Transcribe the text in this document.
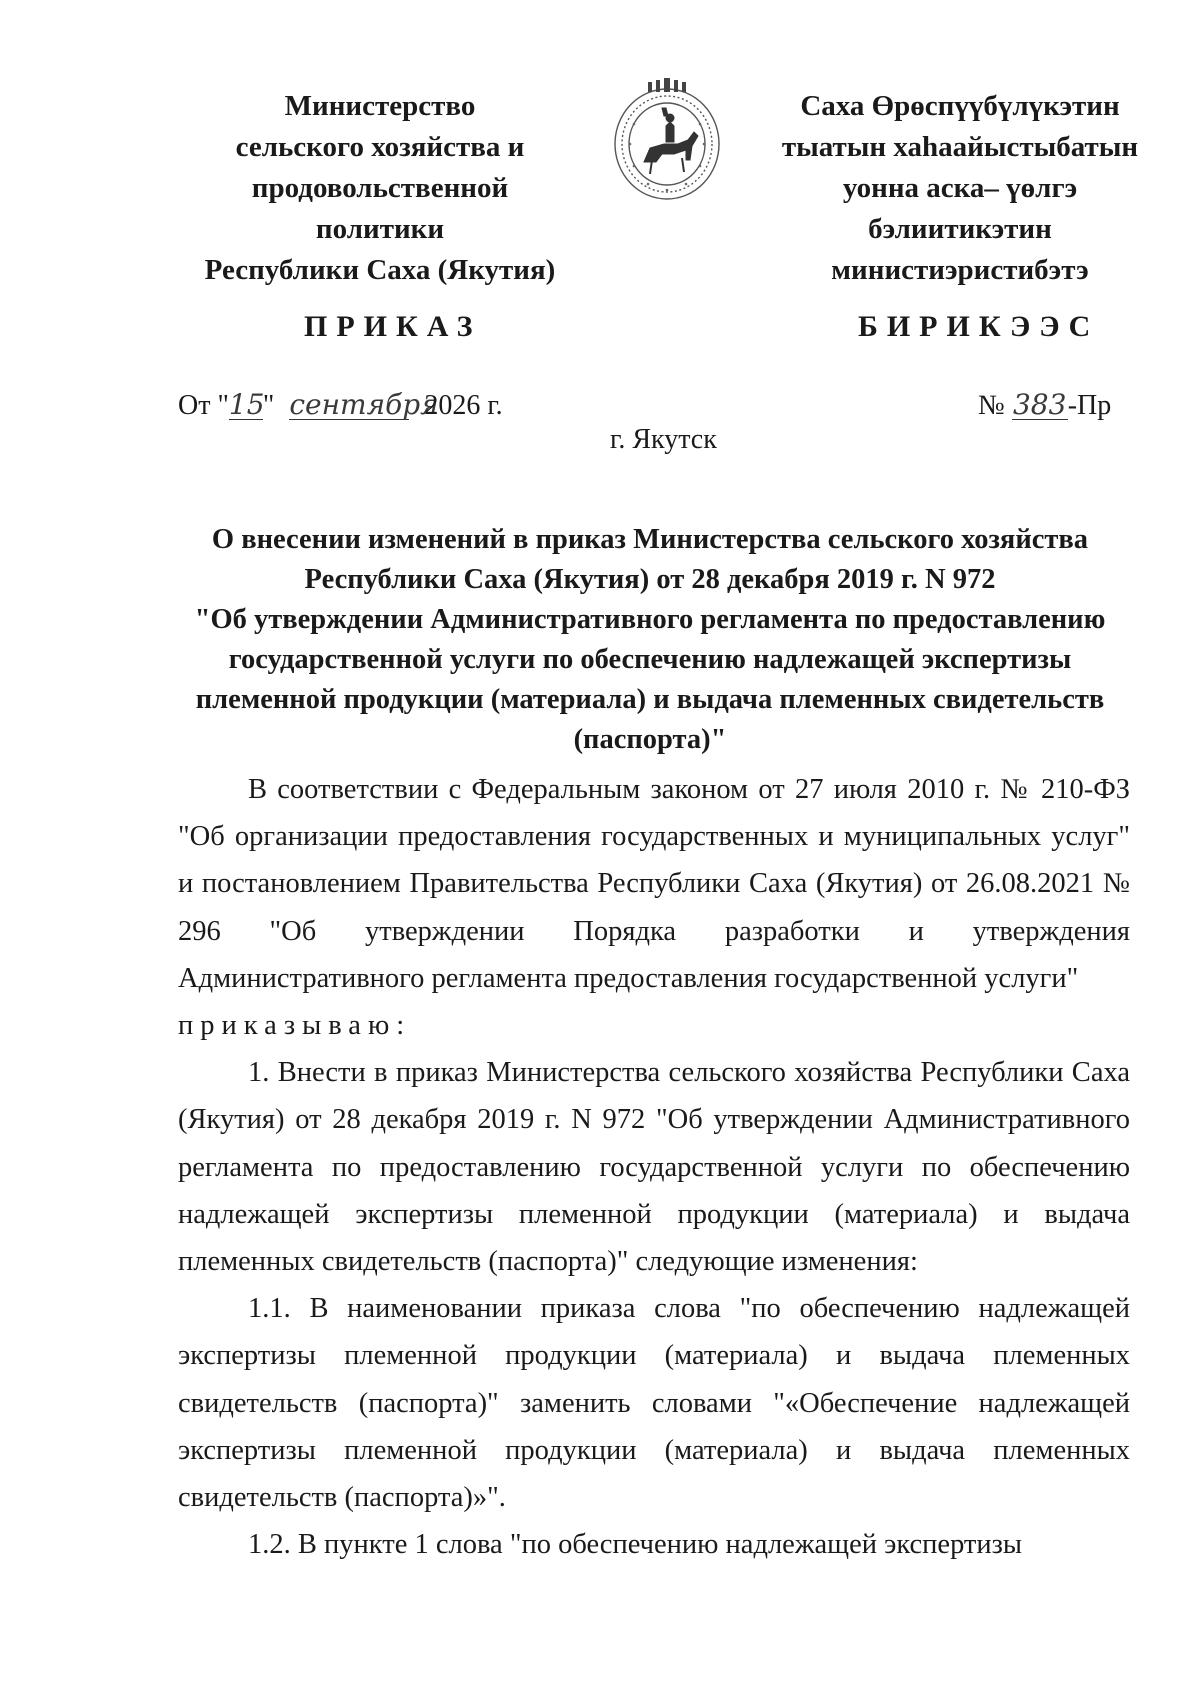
Министерство
сельского хозяйства и
продовольственной
политики
Республики Саха (Якутия)
Саха Өрөспүүбүлүкэтин
тыатын хаһаайыстыбатын
уонна аска– үөлгэ
бэлиитикэтин
министиэристибэтэ
ПРИКАЗ	БИРИКЭЭС
От "15" сентября 2026 г.	№ 383-Пр
г. Якутск
О внесении изменений в приказ Министерства сельского хозяйства
Республики Саха (Якутия) от 28 декабря 2019 г. N 972
"Об утверждении Административного регламента по предоставлению
государственной услуги по обеспечению надлежащей экспертизы
племенной продукции (материала) и выдача племенных свидетельств
(паспорта)"

В соответствии с Федеральным законом от 27 июля 2010 г. № 210-ФЗ "Об организации предоставления государственных и муниципальных услуг" и постановлением Правительства Республики Саха (Якутия) от 26.08.2021 № 296 "Об утверждении Порядка разработки и утверждения Административного регламента предоставления государственной услуги"

приказываю:

1. Внести в приказ Министерства сельского хозяйства Республики Саха (Якутия) от 28 декабря 2019 г. N 972 "Об утверждении Административного регламента по предоставлению государственной услуги по обеспечению надлежащей экспертизы племенной продукции (материала) и выдача племенных свидетельств (паспорта)" следующие изменения:

1.1. В наименовании приказа слова "по обеспечению надлежащей экспертизы племенной продукции (материала) и выдача племенных свидетельств (паспорта)" заменить словами "«Обеспечение надлежащей экспертизы племенной продукции (материала) и выдача племенных свидетельств (паспорта)»".

1.2. В пункте 1 слова "по обеспечению надлежащей экспертизы
